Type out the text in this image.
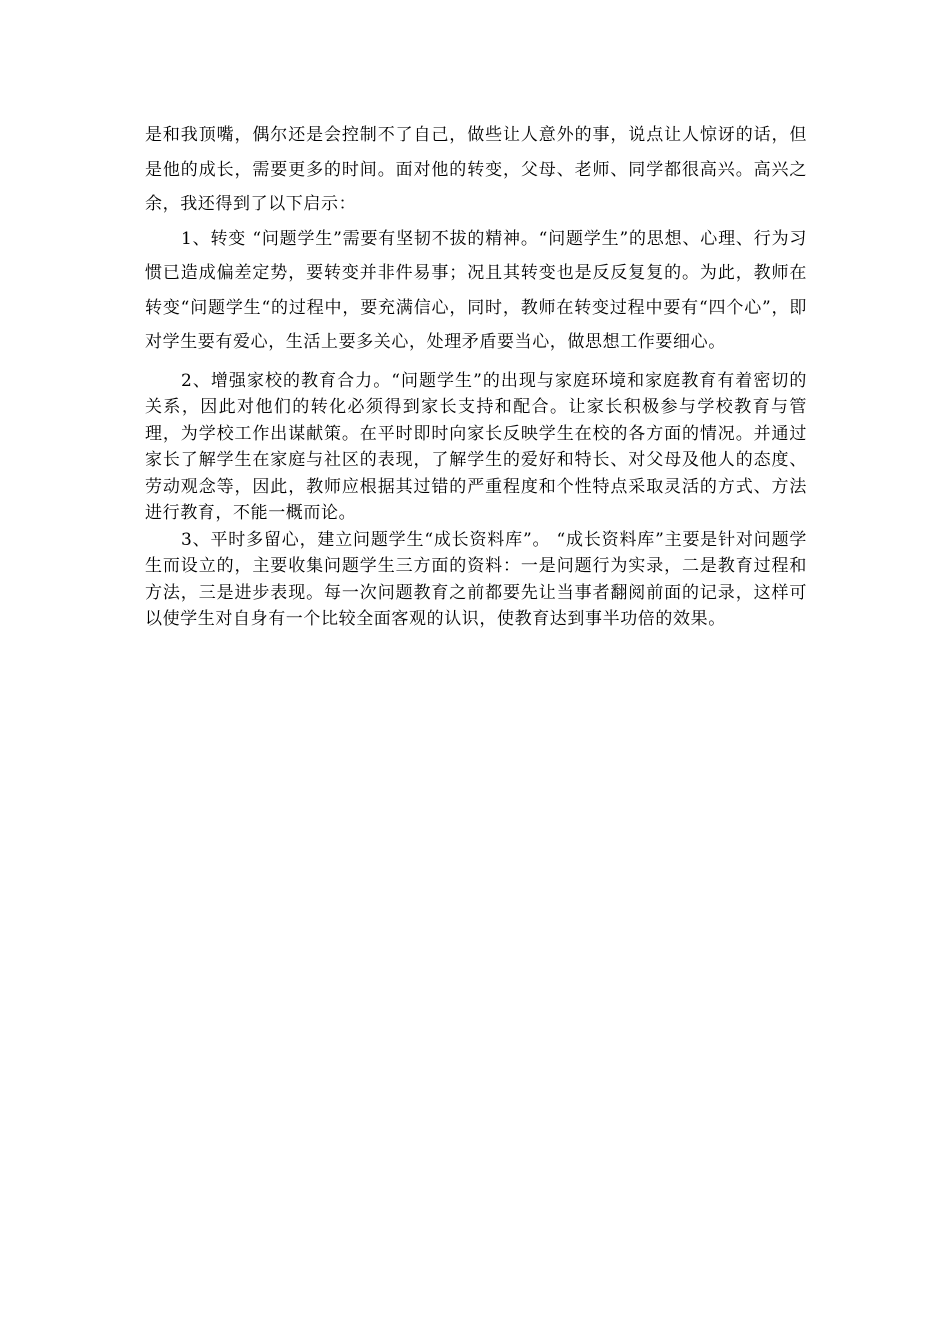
是和我顶嘴，偶尔还是会控制不了自己，做些让人意外的事，说点让人惊讶的话，但是他的成长，需要更多的时间。面对他的转变，父母、老师、同学都很高兴。高兴之余，我还得到了以下启示：

1、转变 “问题学生”需要有坚韧不拔的精神。“问题学生”的思想、心理、行为习惯已造成偏差定势，要转变并非件易事；况且其转变也是反反复复的。为此，教师在转变“问题学生“的过程中，要充满信心，同时，教师在转变过程中要有“四个心”，即对学生要有爱心，生活上要多关心，处理矛盾要当心，做思想工作要细心。

2、增强家校的教育合力。“问题学生”的出现与家庭环境和家庭教育有着密切的关系，因此对他们的转化必须得到家长支持和配合。让家长积极参与学校教育与管理，为学校工作出谋献策。在平时即时向家长反映学生在校的各方面的情况。并通过家长了解学生在家庭与社区的表现，了解学生的爱好和特长、对父母及他人的态度、劳动观念等，因此，教师应根据其过错的严重程度和个性特点采取灵活的方式、方法进行教育，不能一概而论。

3、平时多留心，建立问题学生“成长资料库”。 “成长资料库”主要是针对问题学生而设立的，主要收集问题学生三方面的资料：一是问题行为实录，二是教育过程和方法，三是进步表现。每一次问题教育之前都要先让当事者翻阅前面的记录，这样可以使学生对自身有一个比较全面客观的认识，使教育达到事半功倍的效果。
